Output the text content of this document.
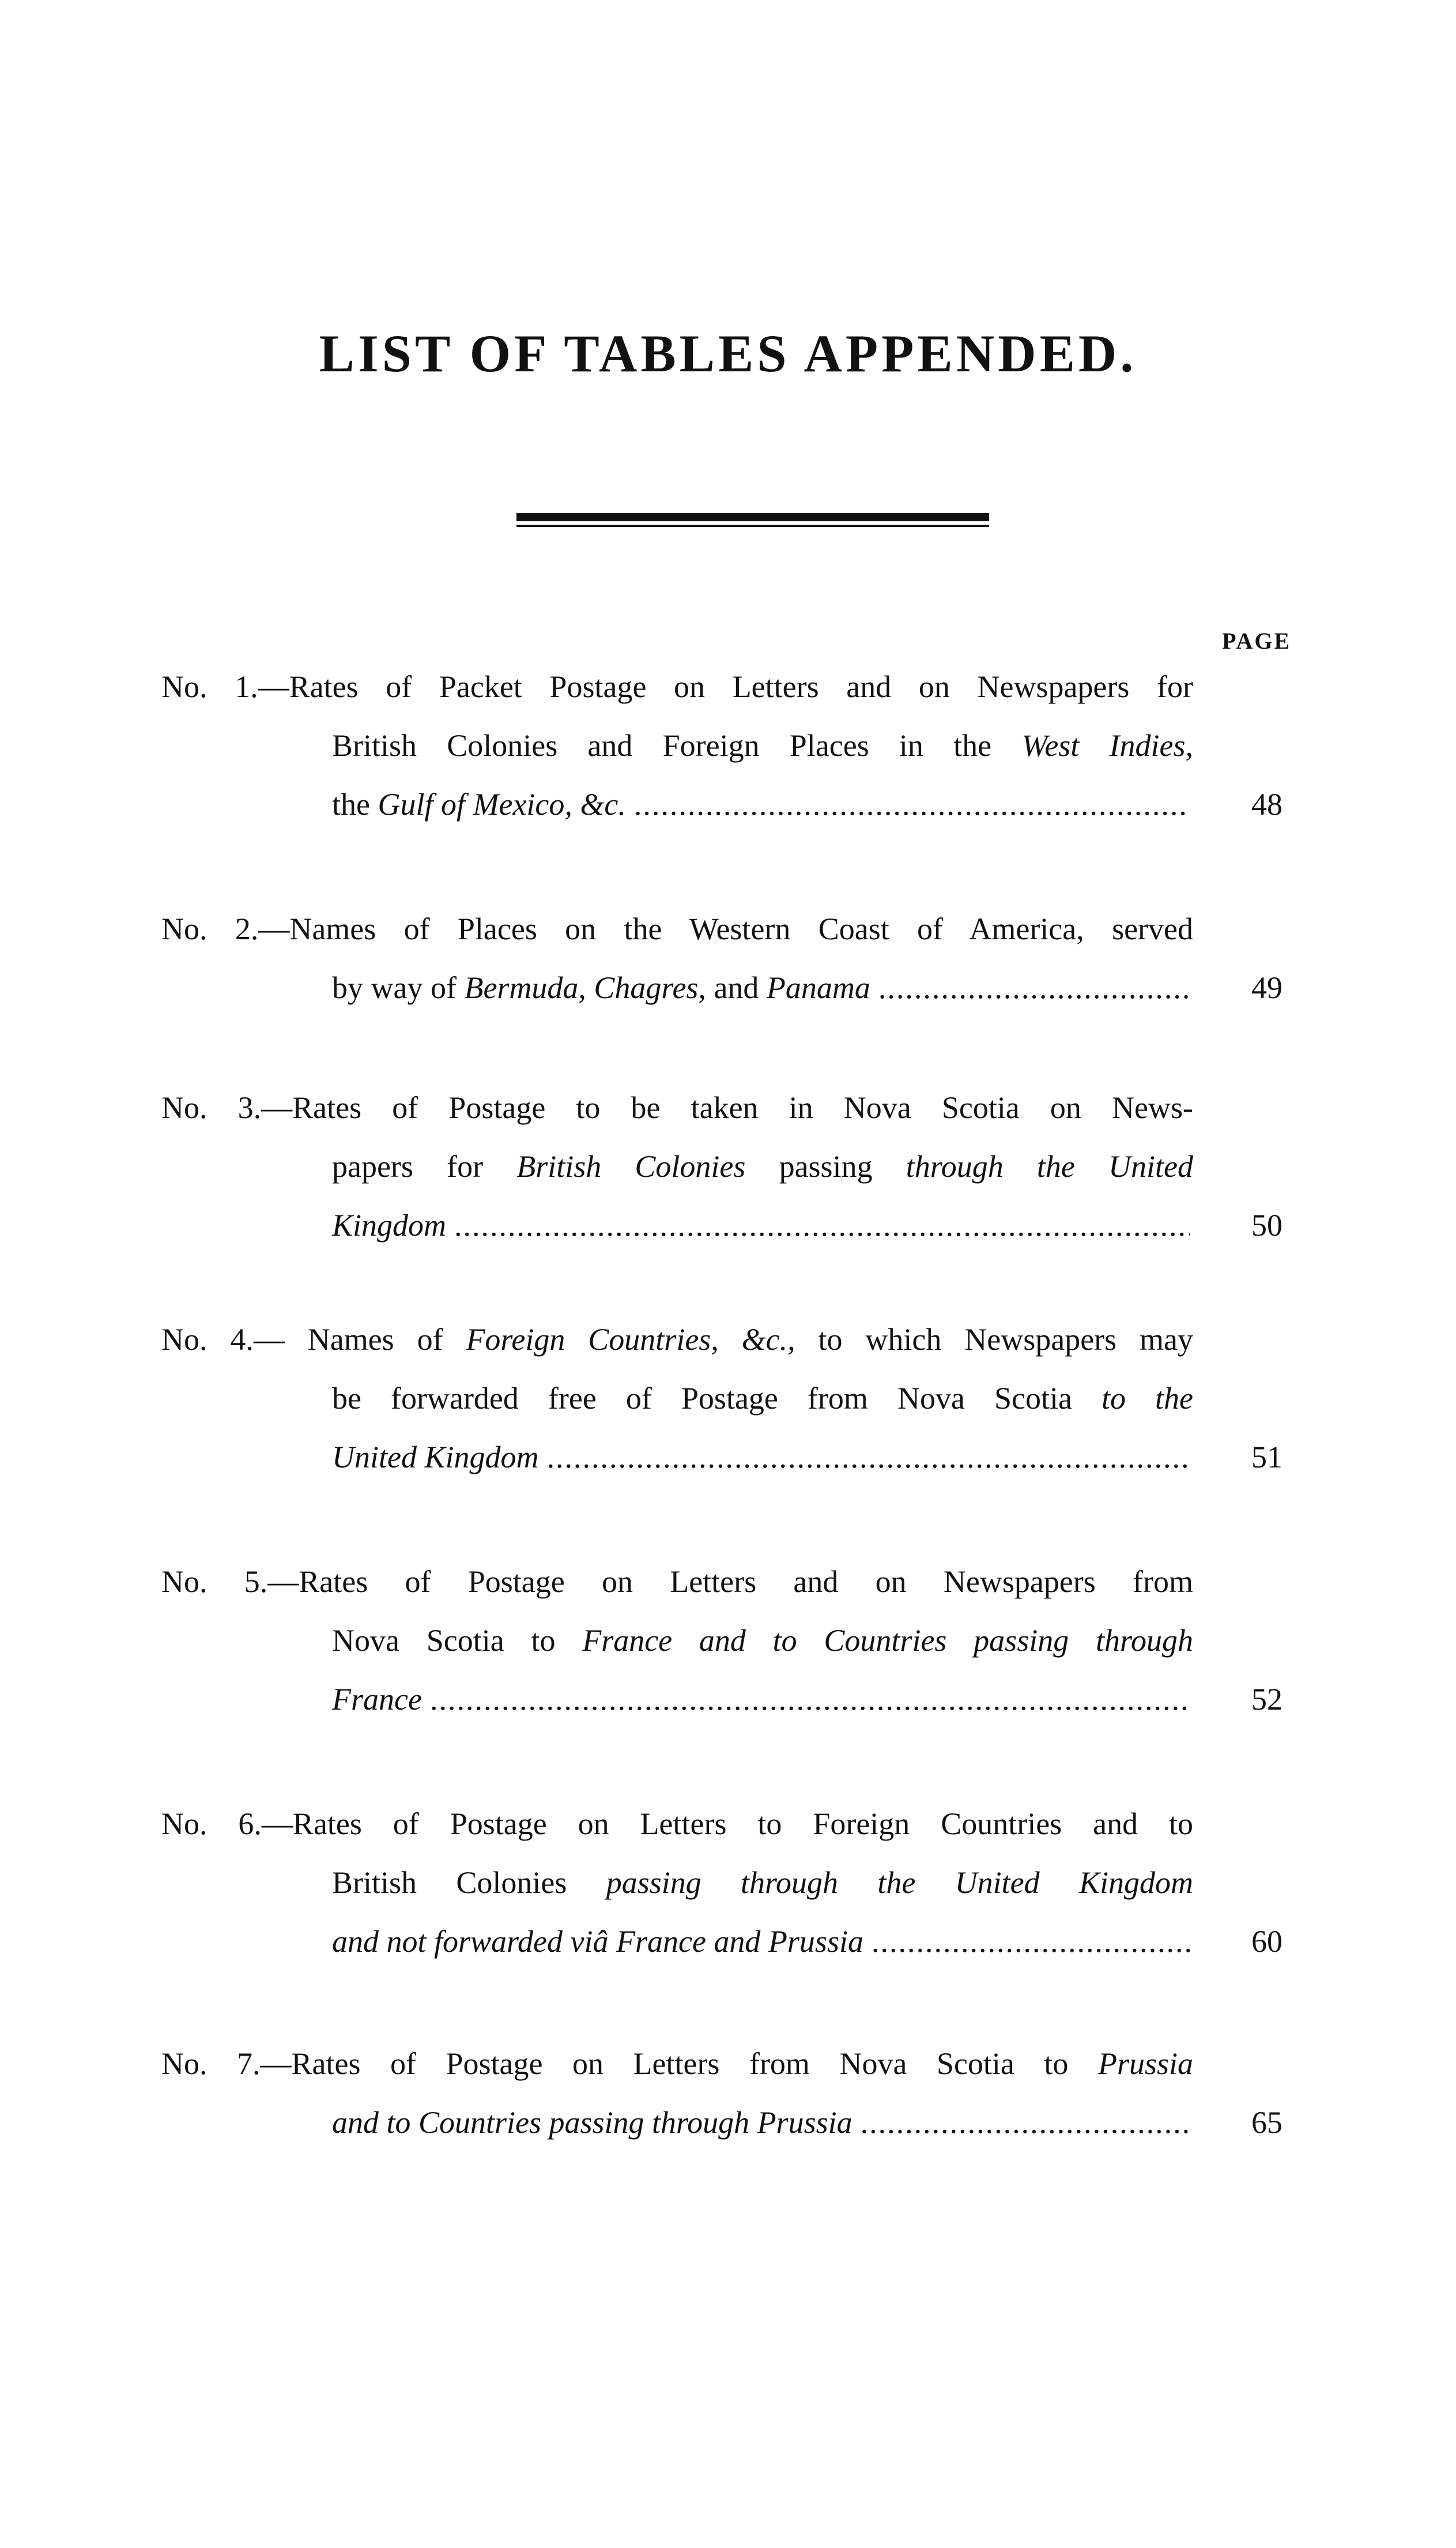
LIST OF TABLES APPENDED.
PAGE
No. 1.—Rates of Packet Postage on Letters and on Newspapers for
British Colonies and Foreign Places in the West Indies,
the Gulf of Mexico, &c. .....	48
No. 2.—Names of Places on the Western Coast of America, served
by way of Bermuda, Chagres, and Panama .....	49
No. 3.—Rates of Postage to be taken in Nova Scotia on News-
papers for British Colonies passing through the United
Kingdom .....	50
No. 4.— Names of Foreign Countries, &c., to which Newspapers may
be forwarded free of Postage from Nova Scotia to the
United Kingdom .....	51
No. 5.—Rates of Postage on Letters and on Newspapers from
Nova Scotia to France and to Countries passing through
France .....	52
No. 6.—Rates of Postage on Letters to Foreign Countries and to
British Colonies passing through the United Kingdom
and not forwarded viâ France and Prussia .....	60
No. 7.—Rates of Postage on Letters from Nova Scotia to Prussia
and to Countries passing through Prussia .....	65
